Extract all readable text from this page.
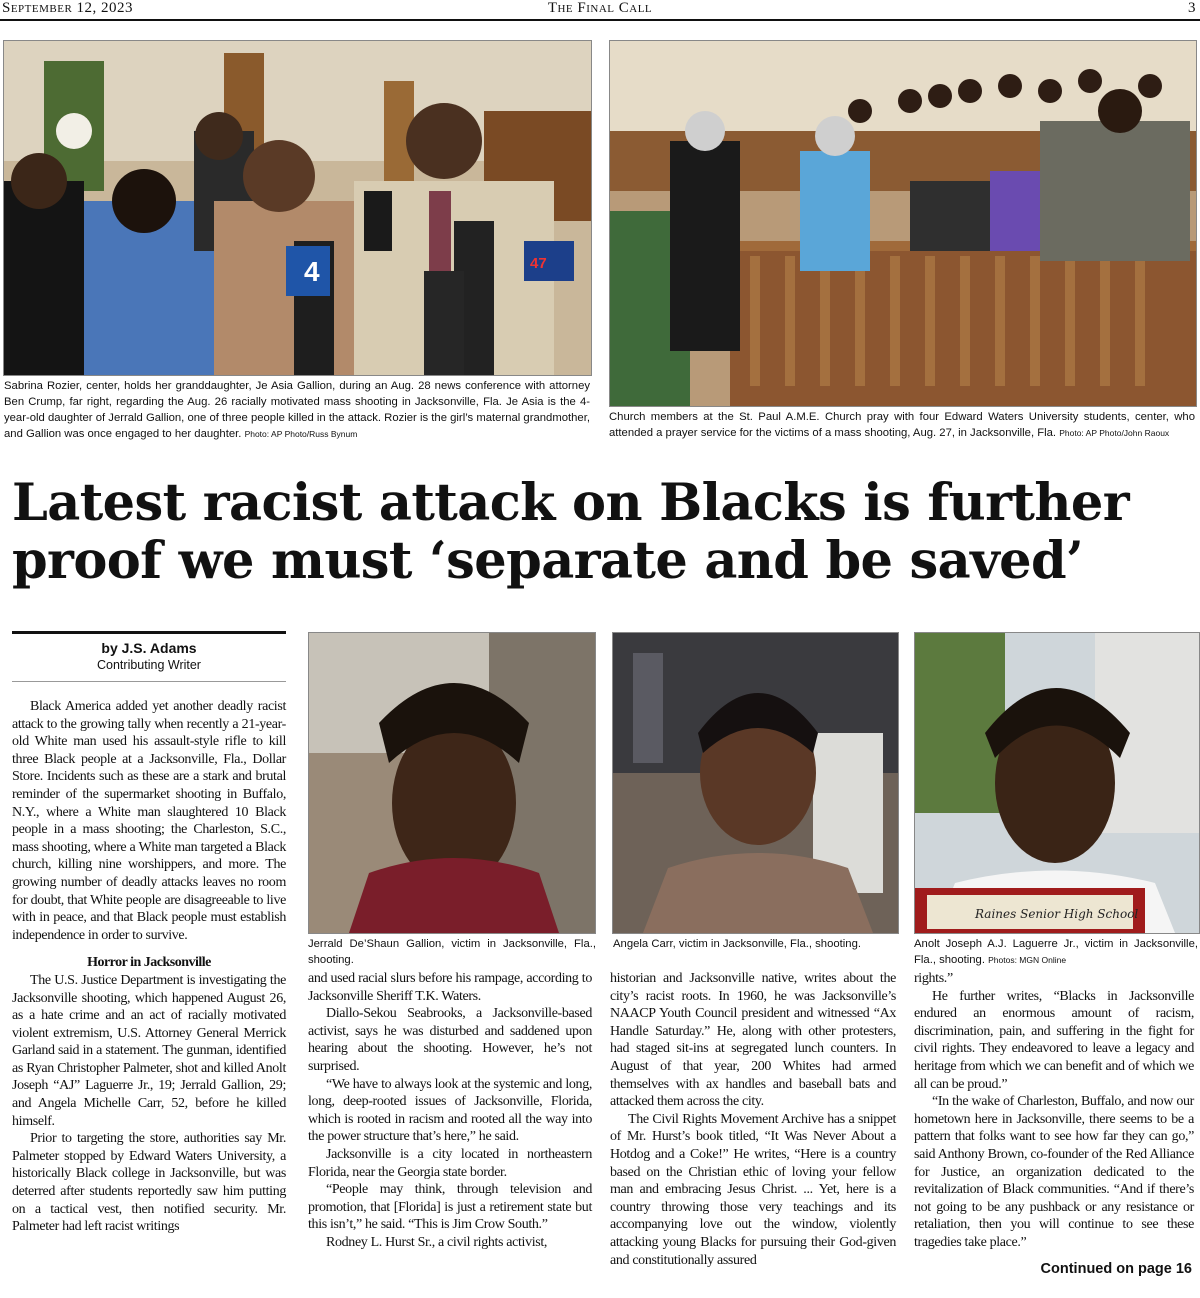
September 12, 2023	The Final Call	3
4	47
Sabrina Rozier, center, holds her granddaughter, Je Asia Gallion, during an Aug. 28 news conference with attorney Ben Crump, far right, regarding the Aug. 26 racially motivated mass shooting in Jacksonville, Fla. Je Asia is the 4-year-old daughter of Jerrald Gallion, one of three people killed in the attack. Rozier is the girl’s maternal grandmother, and Gallion was once engaged to her daughter. Photo: AP Photo/Russ Bynum
Church members at the St. Paul A.M.E. Church pray with four Edward Waters University students, center, who attended a prayer service for the victims of a mass shooting, Aug. 27, in Jacksonville, Fla. Photo: AP Photo/John Raoux
Latest racist attack on Blacks is further proof we must ‘separate and be saved’
by J.S. Adams
Contributing Writer
Jerrald De’Shaun Gallion, victim in Jacksonville, Fla., shooting.
Angela Carr, victim in Jacksonville, Fla., shooting.
Raines Senior High School
Anolt Joseph A.J. Laguerre Jr., victim in Jacksonville, Fla., shooting. Photos: MGN Online

Black America added yet another deadly racist attack to the growing tally when recently a 21-year-old White man used his assault-style rifle to kill three Black people at a Jacksonville, Fla., Dollar Store. Incidents such as these are a stark and brutal reminder of the supermarket shooting in Buffalo, N.Y., where a White man slaughtered 10 Black people in a mass shooting; the Charleston, S.C., mass shooting, where a White man targeted a Black church, killing nine worshippers, and more. The growing number of deadly attacks leaves no room for doubt, that White people are disagreeable to live with in peace, and that Black people must establish independence in order to survive.

Horror in Jacksonville

The U.S. Justice Department is investigating the Jacksonville shooting, which happened August 26, as a hate crime and an act of racially motivated violent extremism, U.S. Attorney General Merrick Garland said in a statement. The gunman, identified as Ryan Christopher Palmeter, shot and killed Anolt Joseph “AJ” Laguerre Jr., 19; Jerrald Gallion, 29; and Angela Michelle Carr, 52, before he killed himself.

Prior to targeting the store, authorities say Mr. Palmeter stopped by Edward Waters University, a historically Black college in Jacksonville, but was deterred after students reportedly saw him putting on a tactical vest, then notified security. Mr. Palmeter had left racist writings

and used racial slurs before his rampage, according to Jacksonville Sheriff T.K. Waters.

Diallo-Sekou Seabrooks, a Jacksonville-based activist, says he was disturbed and saddened upon hearing about the shooting. However, he’s not surprised.

“We have to always look at the systemic and long, long, deep-rooted issues of Jacksonville, Florida, which is rooted in racism and rooted all the way into the power structure that’s here,” he said.

Jacksonville is a city located in northeastern Florida, near the Georgia state border.

“People may think, through television and promotion, that [Florida] is just a retirement state but this isn’t,” he said. “This is Jim Crow South.”

Rodney L. Hurst Sr., a civil rights activist,

historian and Jacksonville native, writes about the city’s racist roots. In 1960, he was Jacksonville’s NAACP Youth Council president and witnessed “Ax Handle Saturday.” He, along with other protesters, had staged sit-ins at segregated lunch counters. In August of that year, 200 Whites had armed themselves with ax handles and baseball bats and attacked them across the city.

The Civil Rights Movement Archive has a snippet of Mr. Hurst’s book titled, “It Was Never About a Hotdog and a Coke!” He writes, “Here is a country based on the Christian ethic of loving your fellow man and embracing Jesus Christ. ... Yet, here is a country throwing those very teachings and its accompanying love out the window, violently attacking young Blacks for pursuing their God-given and constitutionally assured

rights.”

He further writes, “Blacks in Jacksonville endured an enormous amount of racism, discrimination, pain, and suffering in the fight for civil rights. They endeavored to leave a legacy and heritage from which we can benefit and of which we all can be proud.”

“In the wake of Charleston, Buffalo, and now our hometown here in Jacksonville, there seems to be a pattern that folks want to see how far they can go,” said Anthony Brown, co-founder of the Red Alliance for Justice, an organization dedicated to the revitalization of Black communities. “And if there’s not going to be any pushback or any resistance or retaliation, then you will continue to see these tragedies take place.”

Continued on page 16
